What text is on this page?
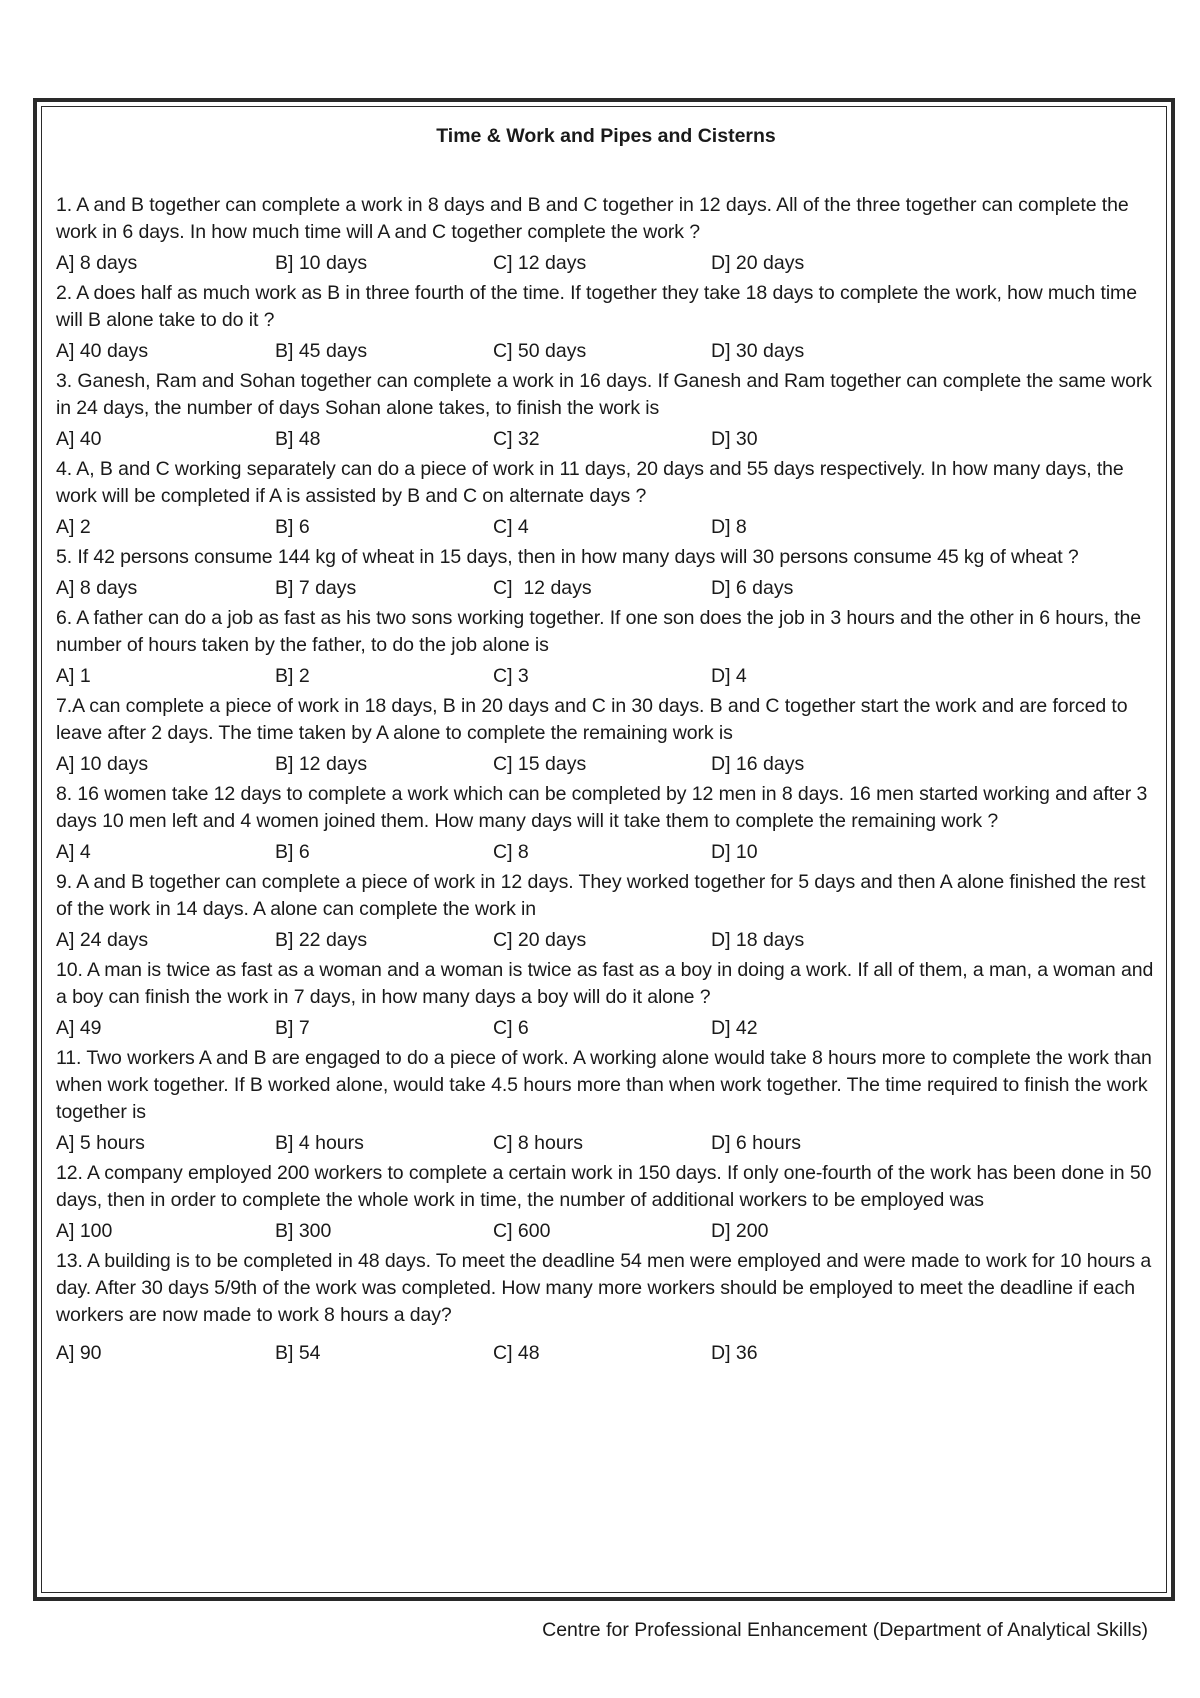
Time & Work and Pipes and Cisterns
1. A and B together can complete a work in 8 days and B and C together in 12 days. All of the three together can complete the work in 6 days. In how much time will A and C together complete the work ?
A] 8 days	B] 10 days	C] 12 days	D] 20 days
2. A does half as much work as B in three fourth of the time. If together they take 18 days to complete the work, how much time will B alone take to do it ?
A] 40 days	B] 45 days	C] 50 days	D] 30 days
3. Ganesh, Ram and Sohan together can complete a work in 16 days. If Ganesh and Ram together can complete the same work in 24 days, the number of days Sohan alone takes, to finish the work is
A] 40	B] 48	C] 32	D] 30
4. A, B and C working separately can do a piece of work in 11 days, 20 days and 55 days respectively. In how many days, the work will be completed if A is assisted by B and C on alternate days ?
A] 2	B] 6	C] 4	D] 8
5. If 42 persons consume 144 kg of wheat in 15 days, then in how many days will 30 persons consume 45 kg of wheat ?
A] 8 days	B] 7 days	C]  12 days	D] 6 days
6. A father can do a job as fast as his two sons working together. If one son does the job in 3 hours and the other in 6 hours, the number of hours taken by the father, to do the job alone is
A] 1	B] 2	C] 3	D] 4
7.A can complete a piece of work in 18 days, B in 20 days and C in 30 days. B and C together start the work and are forced to leave after 2 days. The time taken by A alone to complete the remaining work is
A] 10 days	B] 12 days	C] 15 days	D] 16 days
8. 16 women take 12 days to complete a work which can be completed by 12 men in 8 days. 16 men started working and after 3 days 10 men left and 4 women joined them. How many days will it take them to complete the remaining work ?
A] 4	B] 6	C] 8	D] 10
9. A and B together can complete a piece of work in 12 days. They worked together for 5 days and then A alone finished the rest of the work in 14 days. A alone can complete the work in
A] 24 days	B] 22 days	C] 20 days	D] 18 days
10. A man is twice as fast as a woman and a woman is twice as fast as a boy in doing a work. If all of them, a man, a woman and a boy can finish the work in 7 days, in how many days a boy will do it alone ?
A] 49	B] 7	C] 6	D] 42
11. Two workers A and B are engaged to do a piece of work. A working alone would take 8 hours more to complete the work than when work together. If B worked alone, would take 4.5 hours more than when work together. The time required to finish the work together is
A] 5 hours	B] 4 hours	C] 8 hours	D] 6 hours
12. A company employed 200 workers to complete a certain work in 150 days. If only one-fourth of the work has been done in 50 days, then in order to complete the whole work in time, the number of additional workers to be employed was
A] 100	B] 300	C] 600	D] 200
13. A building is to be completed in 48 days. To meet the deadline 54 men were employed and were made to work for 10 hours a day. After 30 days 5/9th of the work was completed. How many more workers should be employed to meet the deadline if each workers are now made to work 8 hours a day?
A] 90	B] 54	C] 48	D] 36
Centre for Professional Enhancement (Department of Analytical Skills)
